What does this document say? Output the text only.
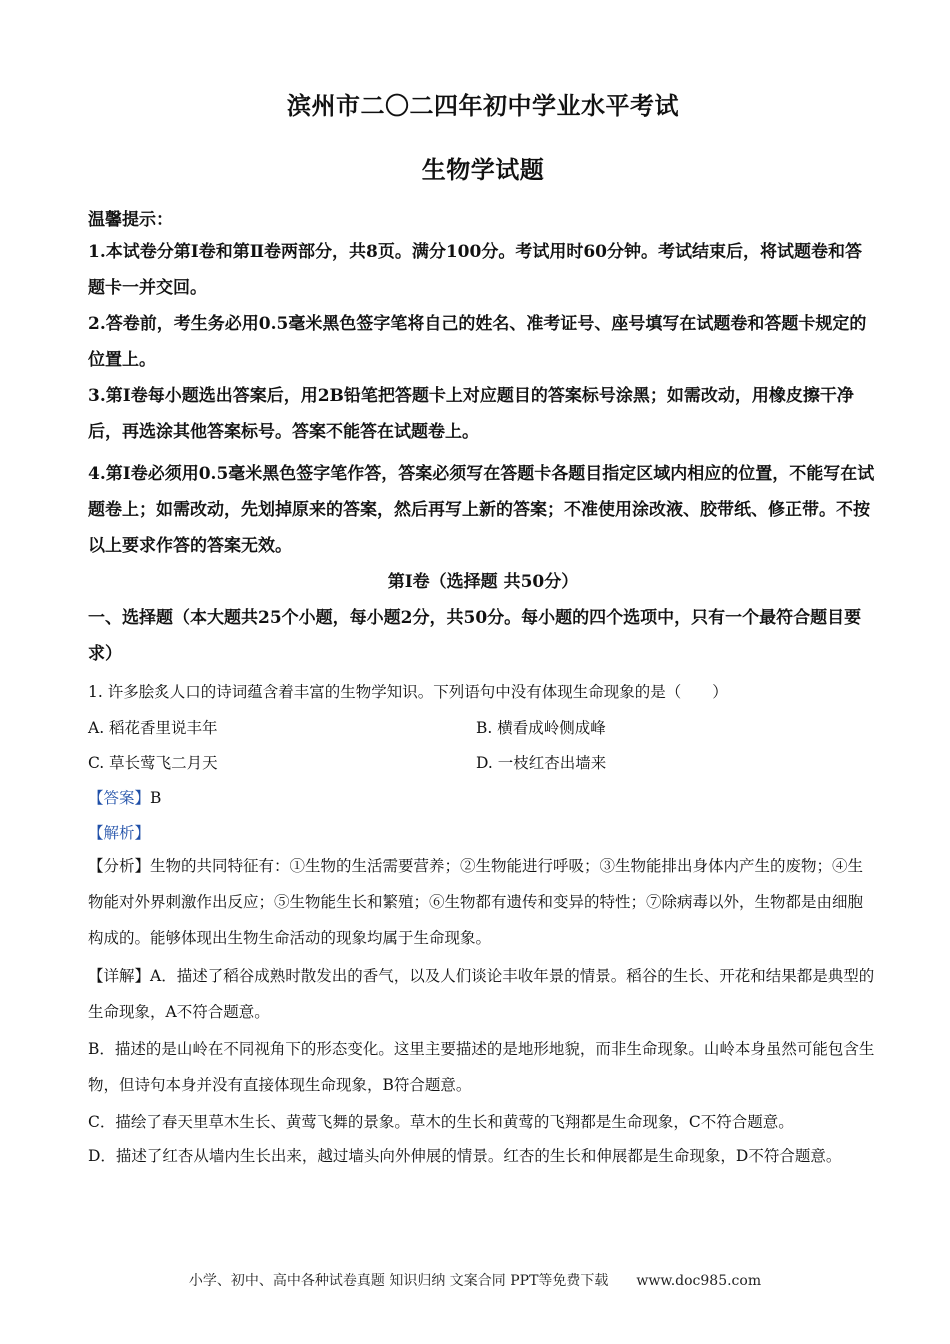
滨州市二〇二四年初中学业水平考试
生物学试题
温馨提示：
1.本试卷分第Ⅰ卷和第Ⅱ卷两部分，共8页。满分100分。考试用时60分钟。考试结束后，将试题卷和答题卡一并交回。
2.答卷前，考生务必用0.5毫米黑色签字笔将自己的姓名、准考证号、座号填写在试题卷和答题卡规定的位置上。
3.第Ⅰ卷每小题选出答案后，用2B铅笔把答题卡上对应题目的答案标号涂黑；如需改动，用橡皮擦干净后，再选涂其他答案标号。答案不能答在试题卷上。
4.第Ⅰ卷必须用0.5毫米黑色签字笔作答，答案必须写在答题卡各题目指定区域内相应的位置，不能写在试题卷上；如需改动，先划掉原来的答案，然后再写上新的答案；不准使用涂改液、胶带纸、修正带。不按以上要求作答的答案无效。
第Ⅰ卷（选择题 共50分）
一、选择题（本大题共25个小题，每小题2分，共50分。每小题的四个选项中，只有一个最符合题目要求）
1. 许多脍炙人口的诗词蕴含着丰富的生物学知识。下列语句中没有体现生命现象的是（　　）
A. 稻花香里说丰年	B. 横看成岭侧成峰
C. 草长莺飞二月天	D. 一枝红杏出墙来
【答案】B
【解析】
【分析】生物的共同特征有：①生物的生活需要营养；②生物能进行呼吸；③生物能排出身体内产生的废物；④生物能对外界刺激作出反应；⑤生物能生长和繁殖；⑥生物都有遗传和变异的特性；⑦除病毒以外，生物都是由细胞构成的。能够体现出生物生命活动的现象均属于生命现象。
【详解】A．描述了稻谷成熟时散发出的香气，以及人们谈论丰收年景的情景。稻谷的生长、开花和结果都是典型的生命现象，A不符合题意。
B．描述的是山岭在不同视角下的形态变化。这里主要描述的是地形地貌，而非生命现象。山岭本身虽然可能包含生物，但诗句本身并没有直接体现生命现象，B符合题意。
C．描绘了春天里草木生长、黄莺飞舞的景象。草木的生长和黄莺的飞翔都是生命现象，C不符合题意。
D．描述了红杏从墙内生长出来，越过墙头向外伸展的情景。红杏的生长和伸展都是生命现象，D不符合题意。
小学、初中、高中各种试卷真题 知识归纳 文案合同 PPT等免费下载　　www.doc985.com
